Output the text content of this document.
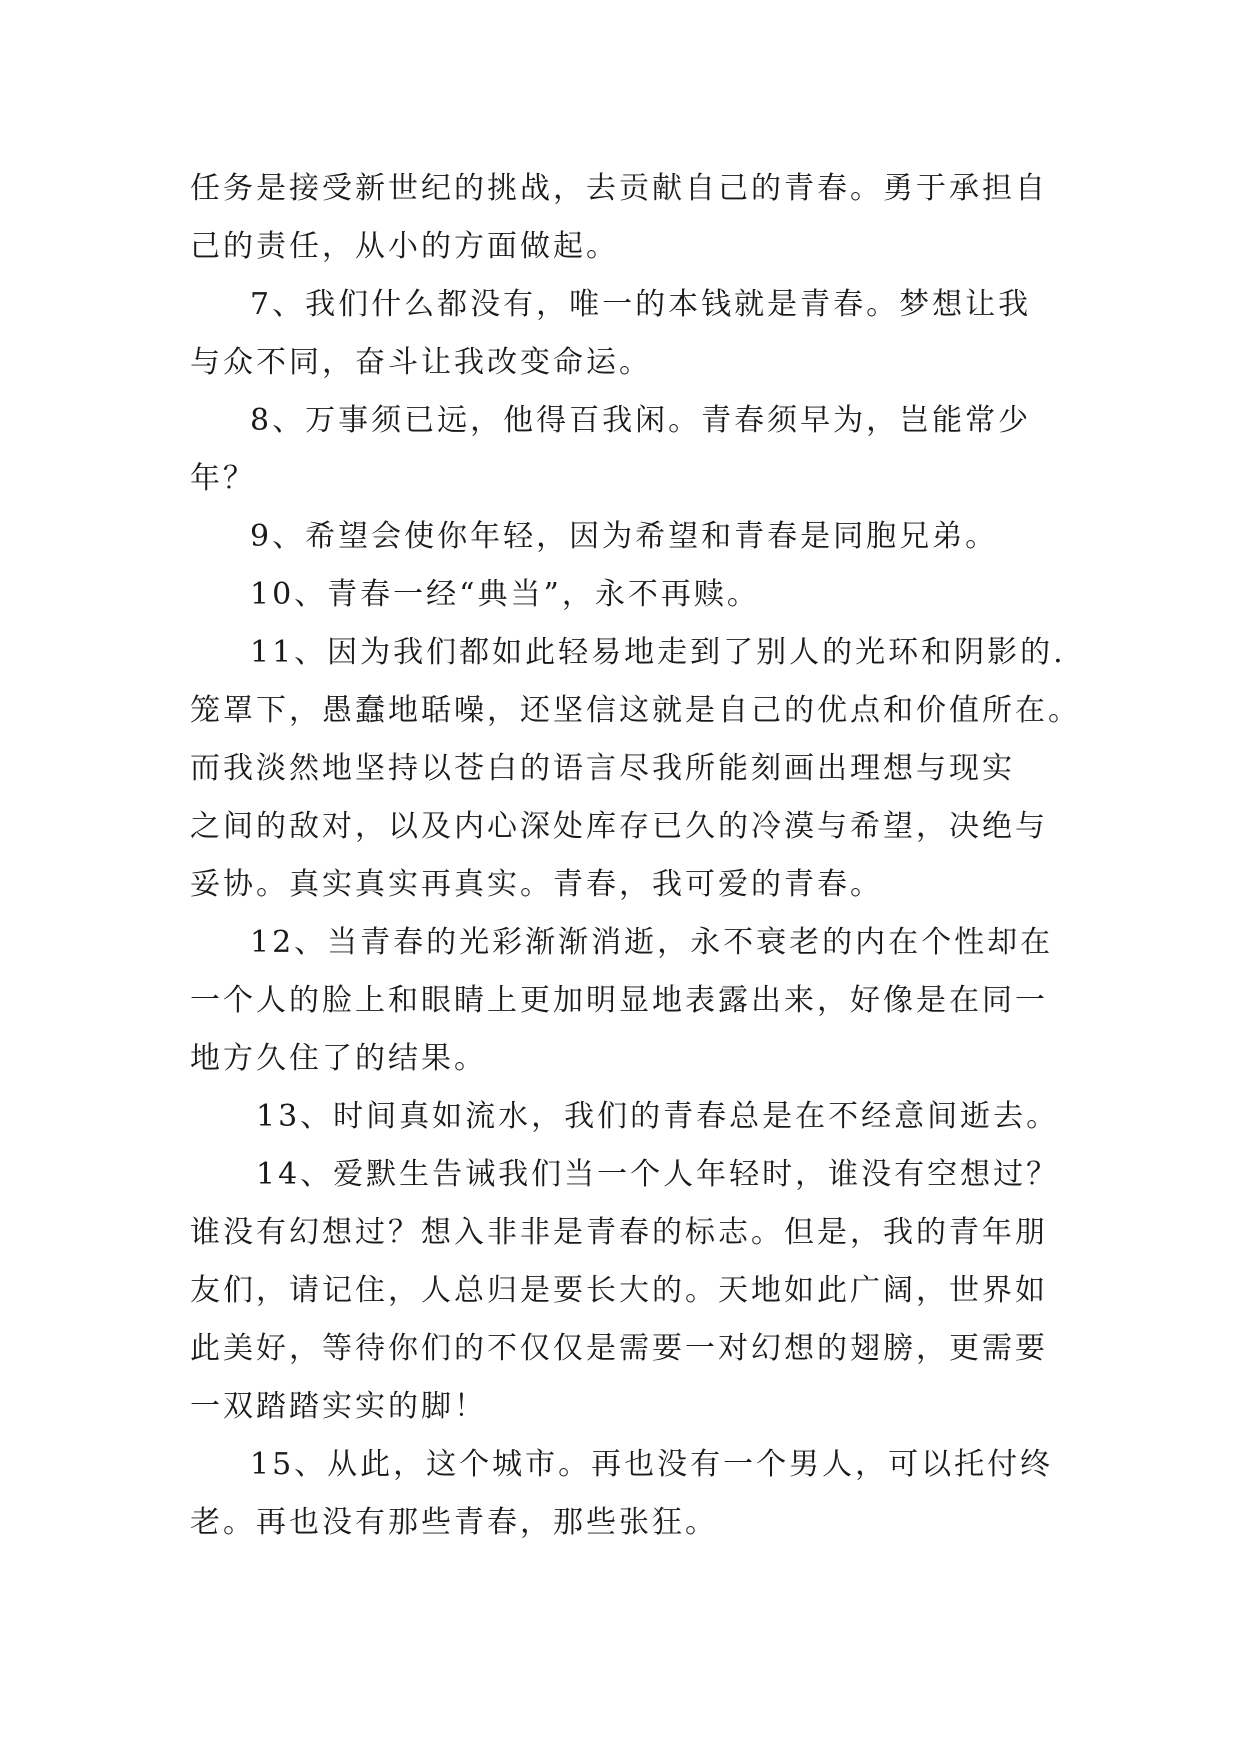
任务是接受新世纪的挑战，去贡献自己的青春。勇于承担自
己的责任，从小的方面做起。

7、我们什么都没有，唯一的本钱就是青春。梦想让我
与众不同，奋斗让我改变命运。

8、万事须已远，他得百我闲。青春须早为，岂能常少
年？

9、希望会使你年轻，因为希望和青春是同胞兄弟。

10、青春一经“典当”，永不再赎。

11、因为我们都如此轻易地走到了别人的光环和阴影的.
笼罩下，愚蠢地聒噪，还坚信这就是自己的优点和价值所在。
而我淡然地坚持以苍白的语言尽我所能刻画出理想与现实
之间的敌对，以及内心深处库存已久的冷漠与希望，决绝与
妥协。真实真实再真实。青春，我可爱的青春。

12、当青春的光彩渐渐消逝，永不衰老的内在个性却在
一个人的脸上和眼睛上更加明显地表露出来，好像是在同一
地方久住了的结果。

13、时间真如流水，我们的青春总是在不经意间逝去。

14、爱默生告诫我们当一个人年轻时，谁没有空想过？
谁没有幻想过？想入非非是青春的标志。但是，我的青年朋
友们，请记住，人总归是要长大的。天地如此广阔，世界如
此美好，等待你们的不仅仅是需要一对幻想的翅膀，更需要
一双踏踏实实的脚！

15、从此，这个城市。再也没有一个男人，可以托付终
老。再也没有那些青春，那些张狂。
